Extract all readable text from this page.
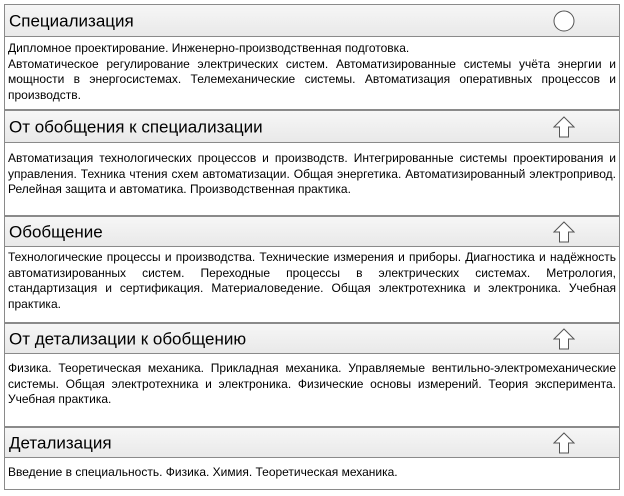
Специализация

Дипломное проектирование. Инженерно-производственная подготовка.

Автоматическое регулирование электрических систем. Автоматизированные системы учёта энергии и мощности в энергосистемах. Телемеханические системы. Автоматизация оперативных процессов и производств.

От обобщения к специализации

Автоматизация технологических процессов и производств. Интегрированные системы проектирования и управления. Техника чтения схем автоматизации. Общая энергетика. Автоматизированный электропривод. Релейная защита и автоматика. Производственная практика.

Обобщение

Технологические процессы и производства. Технические измерения и приборы. Диагностика и надёжность автоматизированных систем. Переходные процессы в электрических системах. Метрология, стандартизация и сертификация. Материаловедение. Общая электротехника и электроника. Учебная практика.

От детализации к обобщению

Физика. Теоретическая механика. Прикладная механика. Управляемые вентильно-электромеханические системы. Общая электротехника и электроника. Физические основы измерений. Теория эксперимента. Учебная практика.

Детализация

Введение в специальность. Физика. Химия. Теоретическая механика.
